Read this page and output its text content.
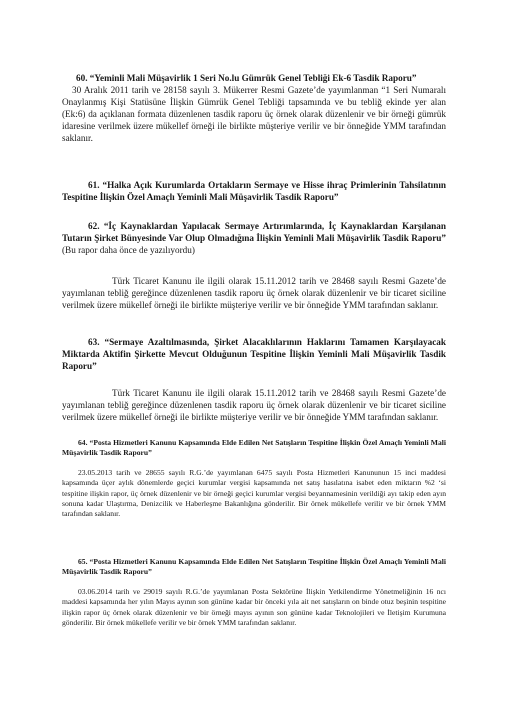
60. “Yeminli Mali Müşavirlik 1 Seri No.lu Gümrük Genel Tebliği Ek-6 Tasdik Raporu”

30 Aralık 2011 tarih ve 28158 sayılı 3. Mükerrer Resmi Gazete’de yayımlanman “1 Seri Numaralı Onaylanmış Kişi Statüsüne İlişkin Gümrük Genel Tebliği tapsamında ve bu tebliğ ekinde yer alan (Ek:6) da açıklanan formata düzenlenen tasdik raporu üç örnek olarak düzenlenir ve bir örneği gümrük idaresine verilmek üzere mükellef örneği ile birlikte müşteriye verilir ve bir önneğide YMM tarafından saklanır.

61. “Halka Açık Kurumlarda Ortakların Sermaye ve Hisse ihraç Primlerinin Tahsilatının Tespitine İlişkin Özel Amaçlı Yeminli Mali Müşavirlik Tasdik Raporu”

62. “İç Kaynaklardan Yapılacak Sermaye Artırımlarında, İç Kaynaklardan Karşılanan Tutarın Şirket Bünyesinde Var Olup Olmadığına İlişkin Yeminli Mali Müşavirlik Tasdik Raporu” (Bu rapor daha önce de yazılıyordu)

Türk Ticaret Kanunu ile ilgili olarak 15.11.2012 tarih ve 28468 sayılı Resmi Gazete’de yayımlanan tebliğ gereğince düzenlenen tasdik raporu üç örnek olarak düzenlenir ve bir ticaret siciline verilmek üzere mükellef örneği ile birlikte müşteriye verilir ve bir önneğide YMM tarafından saklanır.

63. “Sermaye Azaltılmasında, Şirket Alacaklılarının Haklarını Tamamen Karşılayacak Miktarda Aktifin Şirkette Mevcut Olduğunun Tespitine İlişkin Yeminli Mali Müşavirlik Tasdik Raporu”

Türk Ticaret Kanunu ile ilgili olarak 15.11.2012 tarih ve 28468 sayılı Resmi Gazete’de yayımlanan tebliğ gereğince düzenlenen tasdik raporu üç örnek olarak düzenlenir ve bir ticaret siciline verilmek üzere mükellef örneği ile birlikte müşteriye verilir ve bir önneğide YMM tarafından saklanır.

64. “Posta Hizmetleri Kanunu Kapsamında Elde Edilen Net Satışların Tespitine İlişkin Özel Amaçlı Yeminli Mali Müşavirlik Tasdik Raporu”

23.05.2013 tarih ve 28655 sayılı R.G.’de yayımlanan 6475 sayılı Posta Hizmetleri Kanununun 15 inci maddesi kapsamında üçer aylık dönemlerde geçici kurumlar vergisi kapsamında net satış hasılatına isabet eden miktarın %2 ‘si tespitine ilişkin rapor, üç örnek düzenlenir ve bir örneği geçici kurumlar vergisi beyannamesinin verildiği ayı takip eden ayın sonuna kadar Ulaştırma, Denizcilik ve Haberleşme Bakanlığına gönderilir. Bir örnek mükellefe verilir ve bir örnek YMM tarafından saklanır.

65. “Posta Hizmetleri Kanunu Kapsamında Elde Edilen Net Satışların Tespitine İlişkin Özel Amaçlı Yeminli Mali Müşavirlik Tasdik Raporu”

03.06.2014 tarih ve 29019 sayılı R.G.’de yayımlanan Posta Sektörüne İlişkin Yetkilendirme Yönetmeliğinin 16 ncı maddesi kapsamında her yılın Mayıs ayının son gününe kadar bir önceki yıla ait net satışların on binde otuz beşinin tespitine ilişkin rapor üç örnek olarak düzenlenir ve bir örneği mayıs ayının son gününe kadar Teknolojileri ve İletişim Kurumuna gönderilir. Bir örnek mükellefe verilir ve bir örnek YMM tarafından saklanır.
